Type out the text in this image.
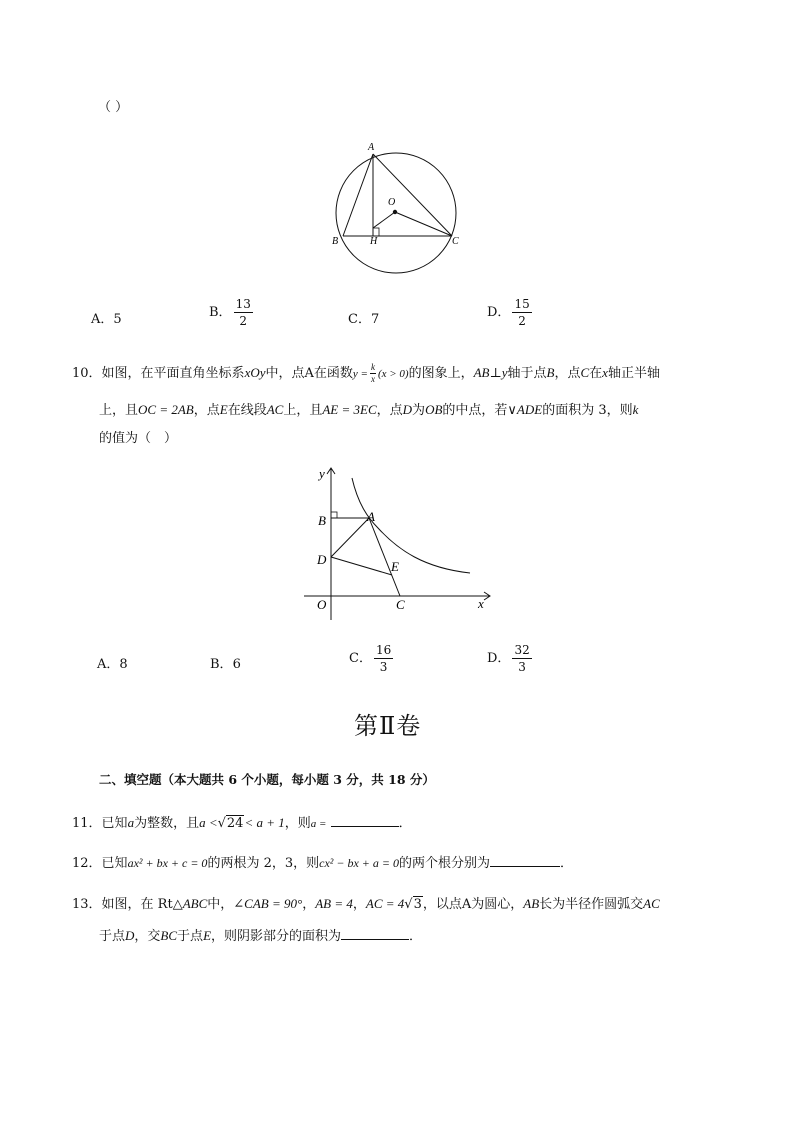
（ ）
A
B	C
O
H
A．5	B． $\frac{13}{2}$	C．7	D． $\frac{15}{2}$
10．如图，在平面直角坐标系xOy中，点A在函数$y = \frac{k}{x} (x > 0)$的图象上，AB⊥y轴于点B，点C在x轴正半轴
上，且OC = 2AB，点E在线段AC上，且AE = 3EC，点D为OB的中点，若∨ADE的面积为 3，则k
的值为（　）
y
x
B	A
D	E
O	C
A．8	B．6	C． $\frac{16}{3}$	D． $\frac{32}{3}$
第Ⅱ卷
二、填空题（本大题共 6 个小题，每小题 3 分，共 18 分）
11．已知a为整数，且a <√24< a + 1，则a =	．
12．已知ax² + bx + c = 0的两根为 2，3，则cx² − bx + a = 0的两个根分别为	．
13．如图，在 Rt△ABC中，∠CAB = 90°，AB = 4，AC = 4√3，以点A为圆心，AB长为半径作圆弧交AC
于点D，交BC于点E，则阴影部分的面积为	．
